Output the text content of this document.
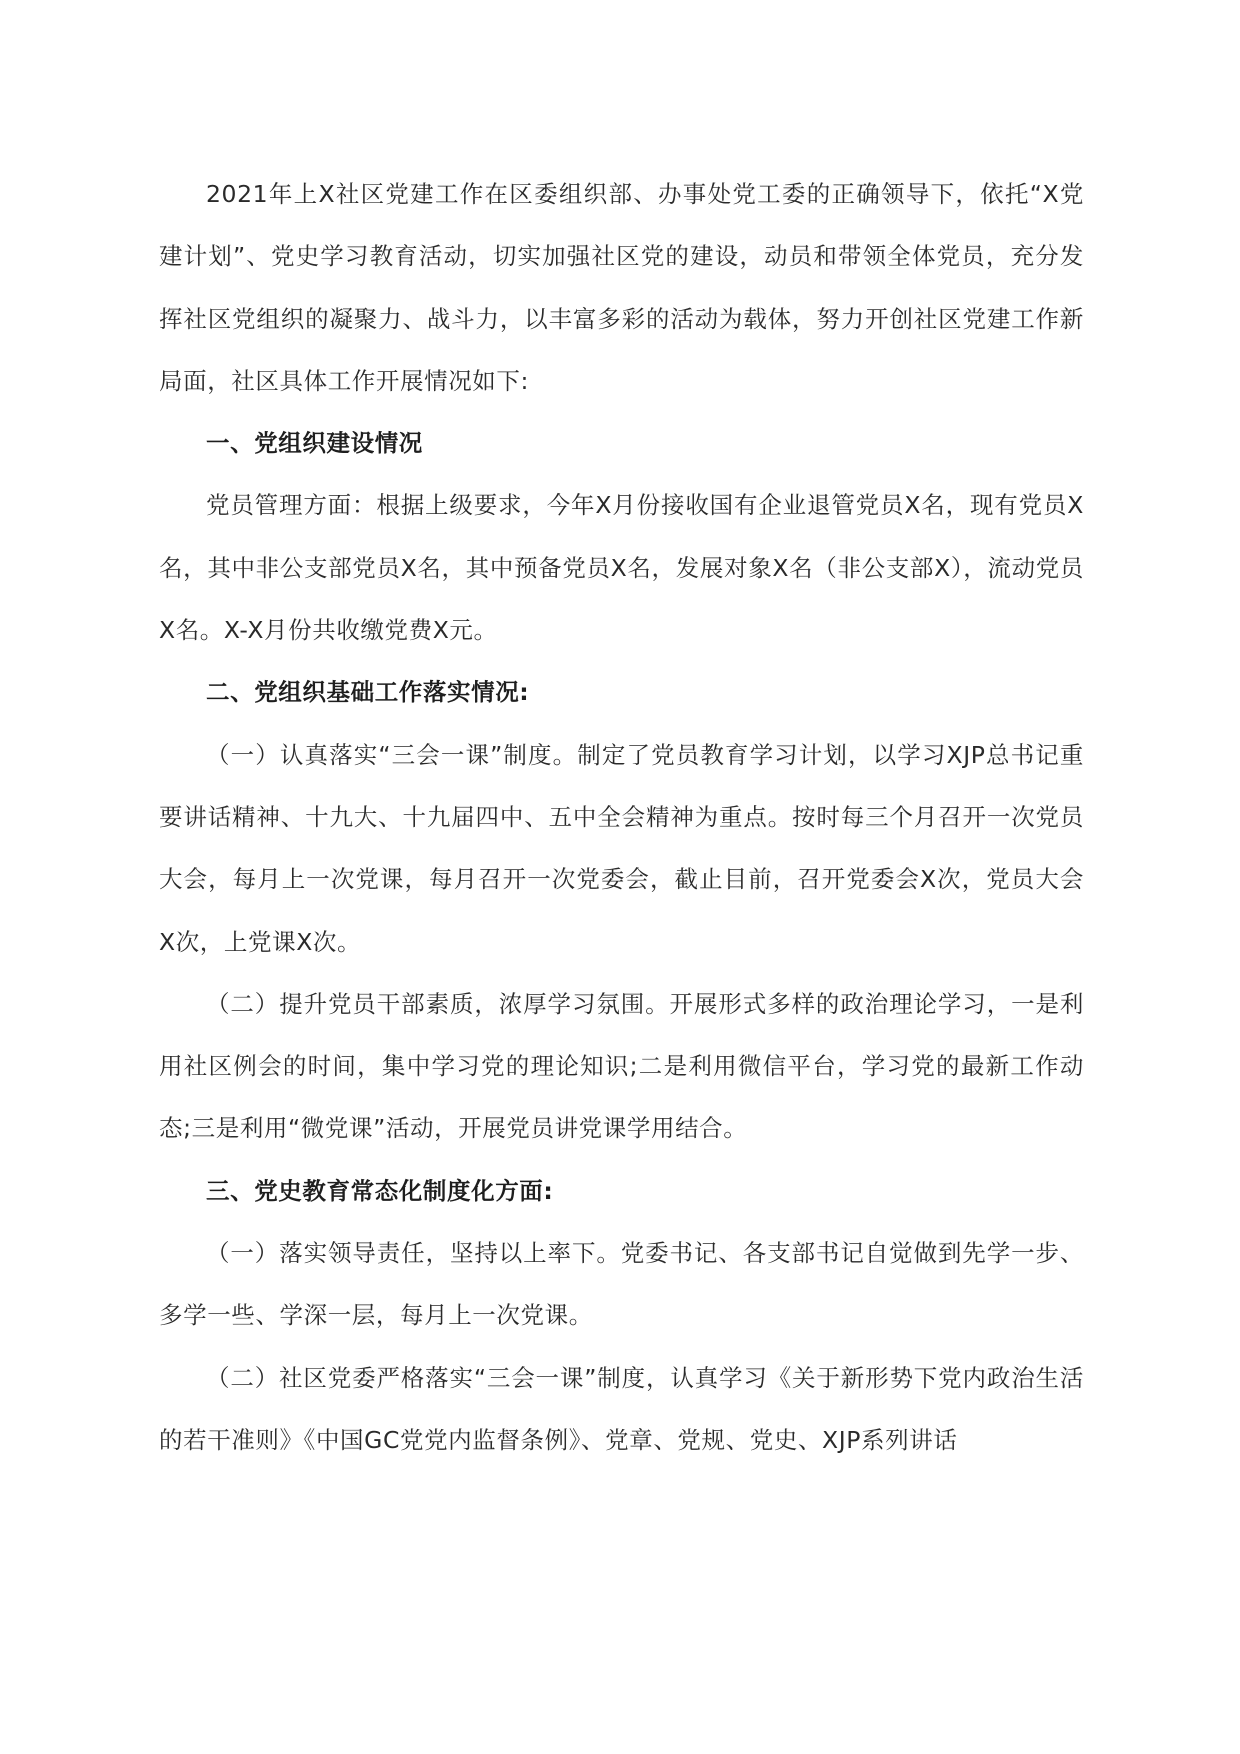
2021年上X社区党建工作在区委组织部、办事处党工委的正确领导下，依托“X党建计划”、党史学习教育活动，切实加强社区党的建设，动员和带领全体党员，充分发挥社区党组织的凝聚力、战斗力，以丰富多彩的活动为载体，努力开创社区党建工作新局面，社区具体工作开展情况如下:

一、党组织建设情况

党员管理方面：根据上级要求，今年X月份接收国有企业退管党员X名，现有党员X名，其中非公支部党员X名，其中预备党员X名，发展对象X名（非公支部X），流动党员X名。X-X月份共收缴党费X元。

二、党组织基础工作落实情况:

（一）认真落实“三会一课”制度。制定了党员教育学习计划，以学习XJP总书记重要讲话精神、十九大、十九届四中、五中全会精神为重点。按时每三个月召开一次党员大会，每月上一次党课，每月召开一次党委会，截止目前，召开党委会X次，党员大会X次，上党课X次。

（二）提升党员干部素质，浓厚学习氛围。开展形式多样的政治理论学习，一是利用社区例会的时间，集中学习党的理论知识;二是利用微信平台，学习党的最新工作动态;三是利用“微党课”活动，开展党员讲党课学用结合。

三、党史教育常态化制度化方面:

（一）落实领导责任，坚持以上率下。党委书记、各支部书记自觉做到先学一步、多学一些、学深一层，每月上一次党课。

（二）社区党委严格落实“三会一课”制度，认真学习《关于新形势下党内政治生活的若干准则》《中国GC党党内监督条例》、党章、党规、党史、XJP系列讲话
